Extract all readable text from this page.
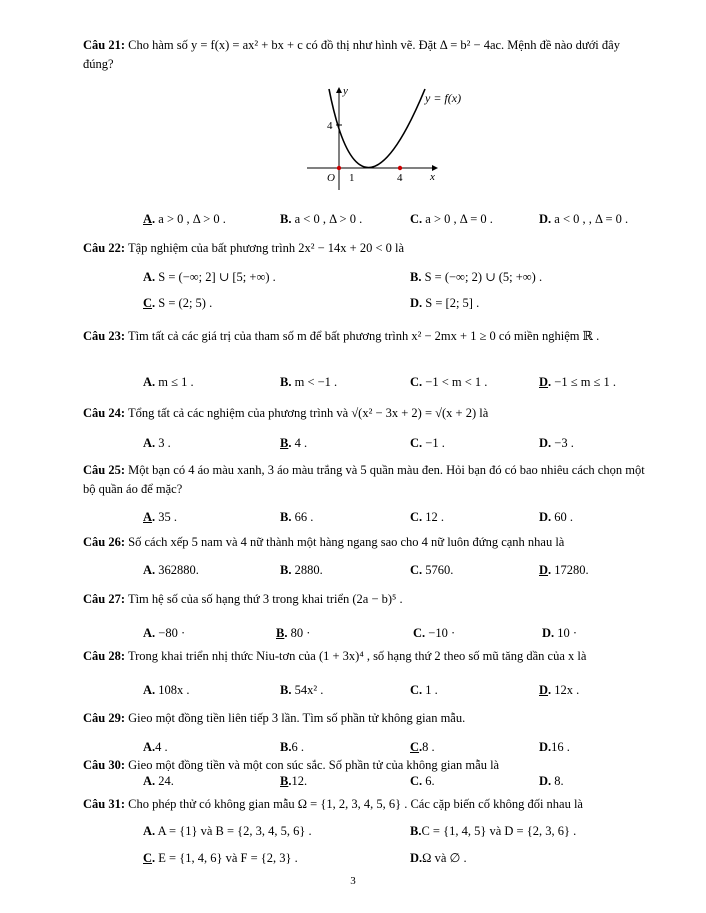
Câu 21: Cho hàm số y = f(x) = ax² + bx + c có đồ thị như hình vẽ. Đặt Δ = b² − 4ac. Mệnh đề nào dưới đây đúng?
y
x
O
4
1	4
y = f(x)
A. a > 0 , Δ > 0 .	B. a < 0 , Δ > 0 .	C. a > 0 , Δ = 0 .	D. a < 0 , , Δ = 0 .
Câu 22: Tập nghiệm của bất phương trình 2x² − 14x + 20 < 0 là
A. S = (−∞; 2] ∪ [5; +∞) .	B. S = (−∞; 2) ∪ (5; +∞) .
C. S = (2; 5) .	D. S = [2; 5] .
Câu 23: Tìm tất cả các giá trị của tham số m để bất phương trình x² − 2mx + 1 ≥ 0 có miền nghiệm ℝ .
A. m ≤ 1 .	B. m < −1 .	C. −1 < m < 1 .	D. −1 ≤ m ≤ 1 .
Câu 24: Tổng tất cả các nghiệm của phương trình và √(x² − 3x + 2) = √(x + 2) là
A. 3 .	B. 4 .	C. −1 .	D. −3 .
Câu 25: Một bạn có 4 áo màu xanh, 3 áo màu trắng và 5 quần màu đen. Hỏi bạn đó có bao nhiêu cách chọn một bộ quần áo để mặc?
A. 35 .	B. 66 .	C. 12 .	D. 60 .
Câu 26: Số cách xếp 5 nam và 4 nữ thành một hàng ngang sao cho 4 nữ luôn đứng cạnh nhau là
A. 362880.	B. 2880.	C. 5760.	D. 17280.
Câu 27: Tìm hệ số của số hạng thứ 3 trong khai triển (2a − b)⁵ .
A. −80 ·	B. 80 ·	C. −10 ·	D. 10 ·
Câu 28: Trong khai triển nhị thức Niu-tơn của (1 + 3x)⁴ , số hạng thứ 2 theo số mũ tăng dần của x là
A. 108x .	B. 54x² .	C. 1 .	D. 12x .
Câu 29: Gieo một đồng tiền liên tiếp 3 lần. Tìm số phần tử không gian mẫu.
A.4 .	B.6 .	C.8 .	D.16 .
Câu 30: Gieo một đồng tiền và một con súc sắc. Số phần tử của không gian mẫu là
A. 24.	B.12.	C. 6.	D. 8.
Câu 31: Cho phép thử có không gian mẫu Ω = {1, 2, 3, 4, 5, 6} . Các cặp biến cố không đối nhau là
A. A = {1} và B = {2, 3, 4, 5, 6} .	B.C = {1, 4, 5} và D = {2, 3, 6} .
C. E = {1, 4, 6} và F = {2, 3} .	D.Ω và ∅ .
3
